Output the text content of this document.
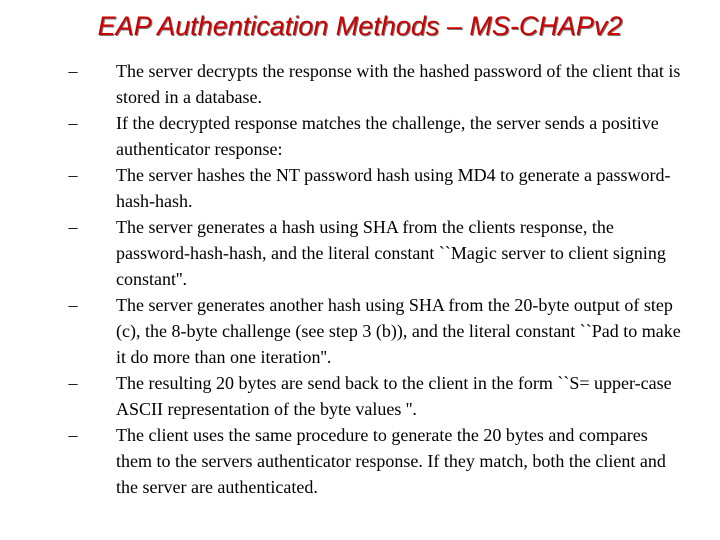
EAP Authentication Methods – MS-CHAPv2
–	The server decrypts the response with the hashed password of the client that is stored in a database.
–	If the decrypted response matches the challenge, the server sends a positive authenticator response:
–	The server hashes the NT password hash using MD4 to generate a password-hash-hash.
–	The server generates a hash using SHA from the clients response, the password-hash-hash, and the literal constant ``Magic server to client signing constant''.
–	The server generates another hash using SHA from the 20-byte output of step (c), the 8-byte challenge (see step 3 (b)), and the literal constant ``Pad to make it do more than one iteration''.
–	The resulting 20 bytes are send back to the client in the form ``S= upper-case ASCII representation of the byte values ''.
–	The client uses the same procedure to generate the 20 bytes and compares them to the servers authenticator response. If they match, both the client and the server are authenticated.
